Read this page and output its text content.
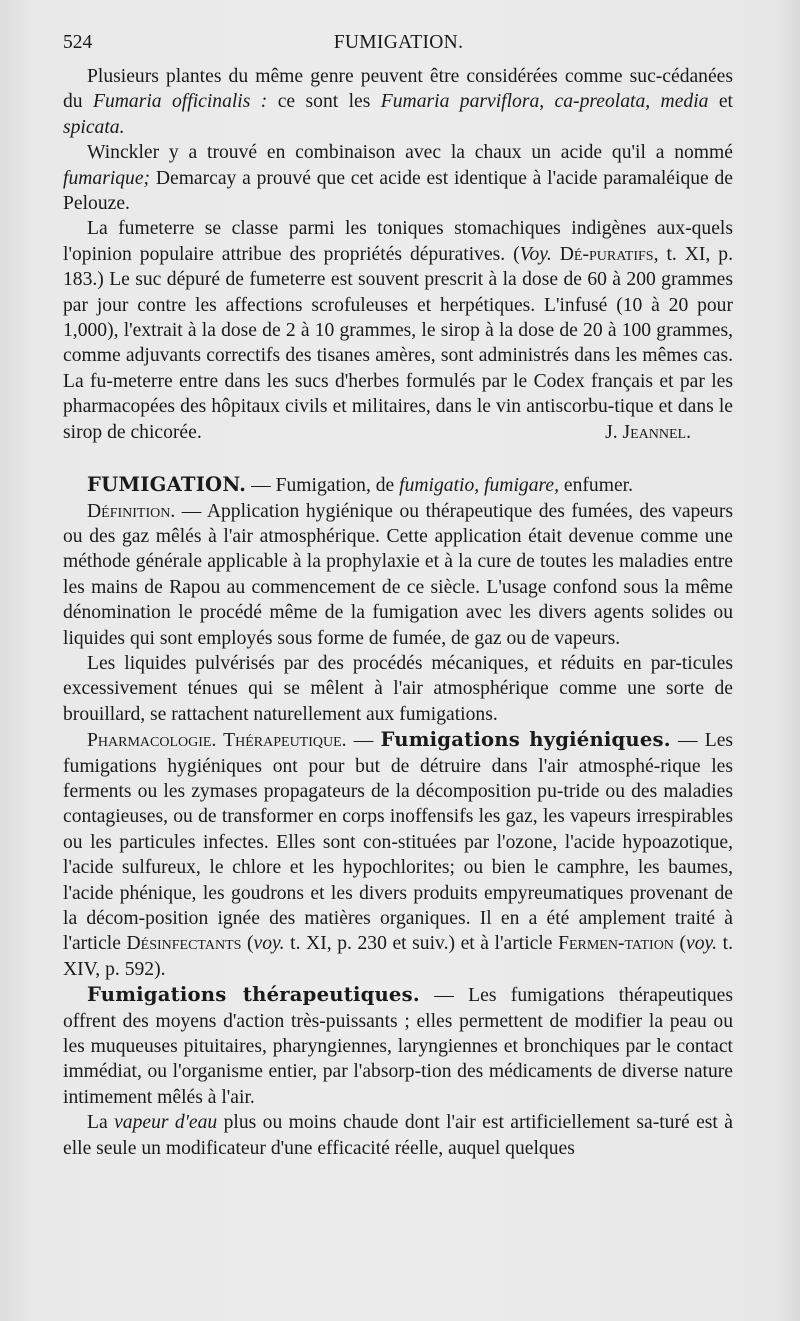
524	FUMIGATION.

Plusieurs plantes du même genre peuvent être considérées comme suc-cédanées du Fumaria officinalis : ce sont les Fumaria parviflora, ca-preolata, media et spicata.

Winckler y a trouvé en combinaison avec la chaux un acide qu'il a nommé fumarique; Demarcay a prouvé que cet acide est identique à l'acide paramaléique de Pelouze.

La fumeterre se classe parmi les toniques stomachiques indigènes aux-quels l'opinion populaire attribue des propriétés dépuratives. (Voy. Dé-puratifs, t. XI, p. 183.) Le suc dépuré de fumeterre est souvent prescrit à la dose de 60 à 200 grammes par jour contre les affections scrofuleuses et herpétiques. L'infusé (10 à 20 pour 1,000), l'extrait à la dose de 2 à 10 grammes, le sirop à la dose de 20 à 100 grammes, comme adjuvants correctifs des tisanes amères, sont administrés dans les mêmes cas. La fu-meterre entre dans les sucs d'herbes formulés par le Codex français et par les pharmacopées des hôpitaux civils et militaires, dans le vin antiscorbu-tique et dans le sirop de chicorée.	J. Jeannel.

FUMIGATION. — Fumigation, de fumigatio, fumigare, enfumer.

Définition. — Application hygiénique ou thérapeutique des fumées, des vapeurs ou des gaz mêlés à l'air atmosphérique. Cette application était devenue comme une méthode générale applicable à la prophylaxie et à la cure de toutes les maladies entre les mains de Rapou au commencement de ce siècle. L'usage confond sous la même dénomination le procédé même de la fumigation avec les divers agents solides ou liquides qui sont employés sous forme de fumée, de gaz ou de vapeurs.

Les liquides pulvérisés par des procédés mécaniques, et réduits en par-ticules excessivement ténues qui se mêlent à l'air atmosphérique comme une sorte de brouillard, se rattachent naturellement aux fumigations.

Pharmacologie. Thérapeutique. — Fumigations hygiéniques. — Les fumigations hygiéniques ont pour but de détruire dans l'air atmosphé-rique les ferments ou les zymases propagateurs de la décomposition pu-tride ou des maladies contagieuses, ou de transformer en corps inoffensifs les gaz, les vapeurs irrespirables ou les particules infectes. Elles sont con-stituées par l'ozone, l'acide hypoazotique, l'acide sulfureux, le chlore et les hypochlorites; ou bien le camphre, les baumes, l'acide phénique, les goudrons et les divers produits empyreumatiques provenant de la décom-position ignée des matières organiques. Il en a été amplement traité à l'article Désinfectants (voy. t. XI, p. 230 et suiv.) et à l'article Fermen-tation (voy. t. XIV, p. 592).

Fumigations thérapeutiques. — Les fumigations thérapeutiques offrent des moyens d'action très-puissants ; elles permettent de modifier la peau ou les muqueuses pituitaires, pharyngiennes, laryngiennes et bronchiques par le contact immédiat, ou l'organisme entier, par l'absorp-tion des médicaments de diverse nature intimement mêlés à l'air.

La vapeur d'eau plus ou moins chaude dont l'air est artificiellement sa-turé est à elle seule un modificateur d'une efficacité réelle, auquel quelques
